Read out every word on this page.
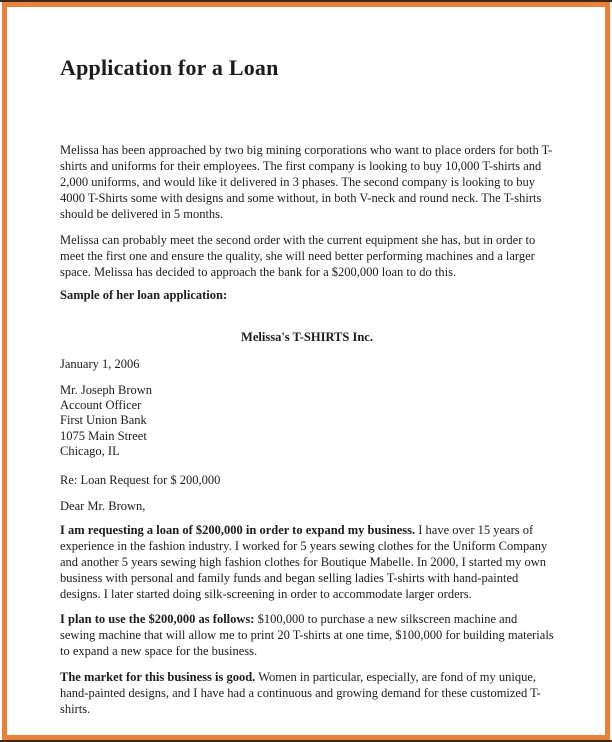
Application for a Loan

Melissa has been approached by two big mining corporations who want to place orders for both T-shirts and uniforms for their employees. The first company is looking to buy 10,000 T-shirts and 2,000 uniforms, and would like it delivered in 3 phases. The second company is looking to buy 4000 T-Shirts some with designs and some without, in both V-neck and round neck. The T-shirts should be delivered in 5 months.

Melissa can probably meet the second order with the current equipment she has, but in order to meet the first one and ensure the quality, she will need better performing machines and a larger space. Melissa has decided to approach the bank for a $200,000 loan to do this.

Sample of her loan application:

Melissa's T-SHIRTS Inc.
January 1, 2006
Mr. Joseph Brown
Account Officer
First Union Bank
1075 Main Street
Chicago, IL
Re: Loan Request for $ 200,000
Dear Mr. Brown,

I am requesting a loan of $200,000 in order to expand my business. I have over 15 years of experience in the fashion industry. I worked for 5 years sewing clothes for the Uniform Company and another 5 years sewing high fashion clothes for Boutique Mabelle. In 2000, I started my own business with personal and family funds and began selling ladies T-shirts with hand-painted designs. I later started doing silk-screening in order to accommodate larger orders.

I plan to use the $200,000 as follows: $100,000 to purchase a new silkscreen machine and sewing machine that will allow me to print 20 T-shirts at one time, $100,000 for building materials to expand a new space for the business.

The market for this business is good. Women in particular, especially, are fond of my unique, hand-painted designs, and I have had a continuous and growing demand for these customized T-shirts.
